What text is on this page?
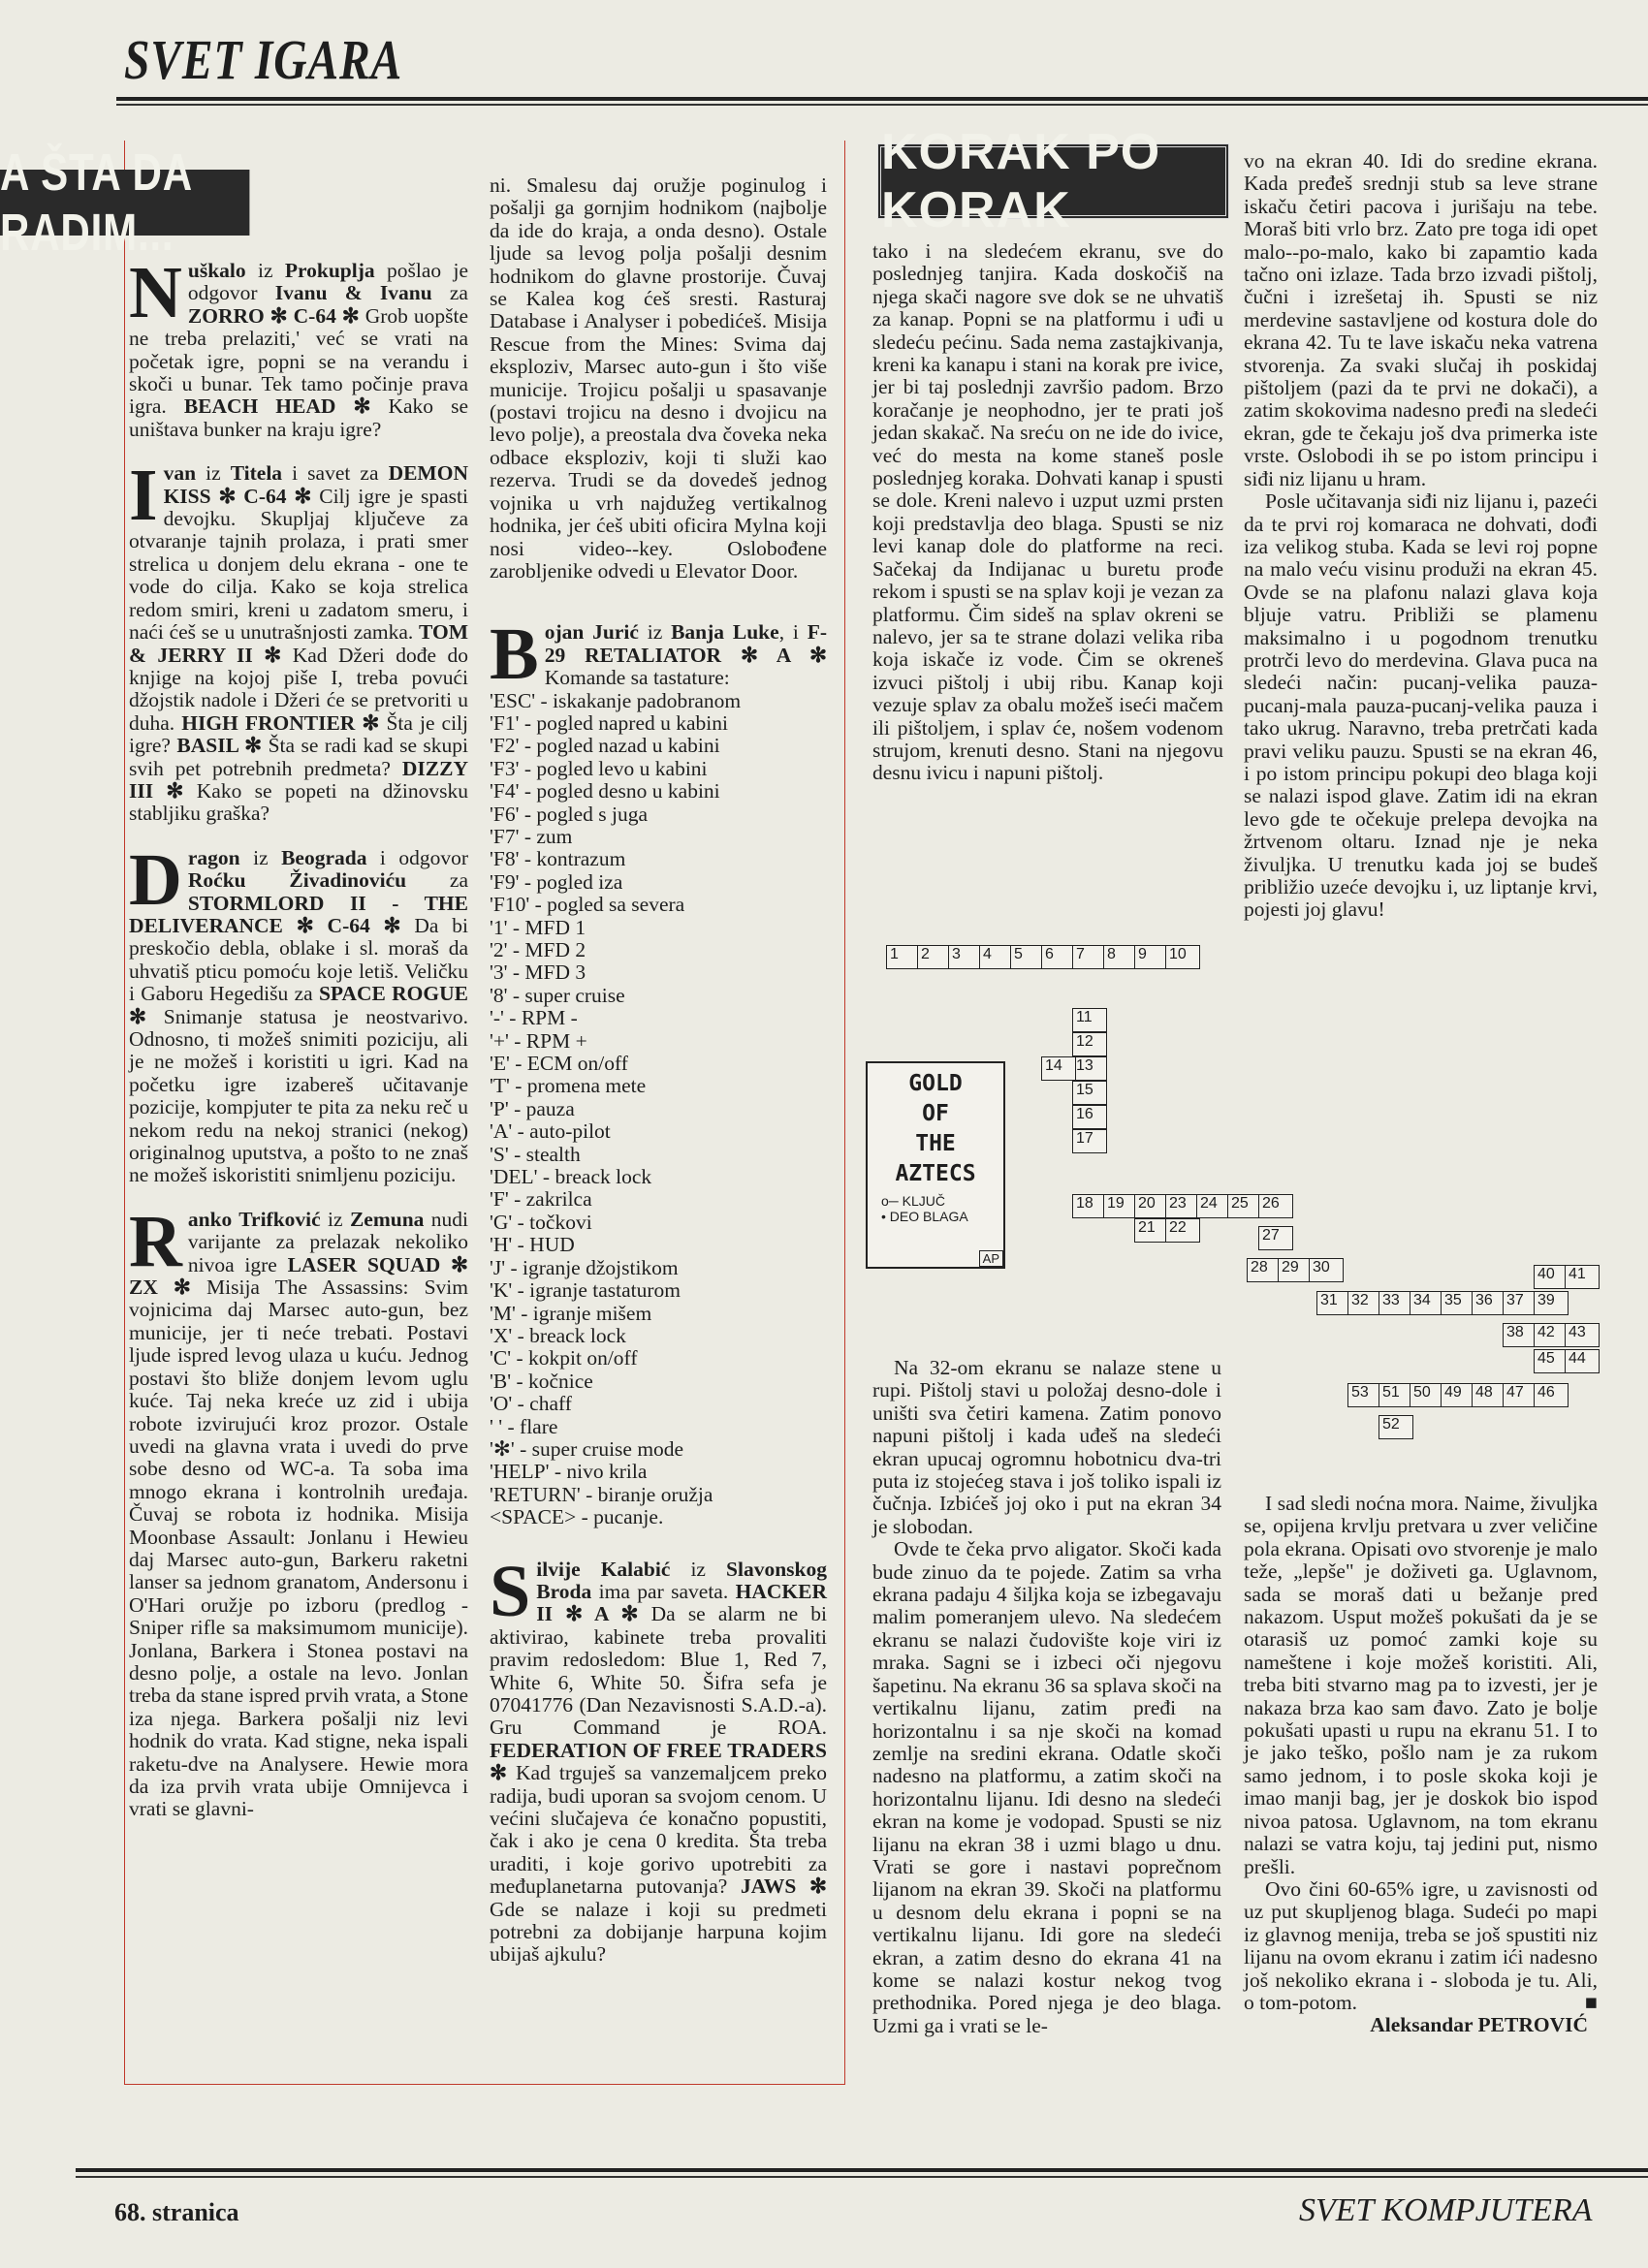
SVET IGARA
A ŠTA DA RADIM...

Nuškalo iz Prokuplja pošlao je odgovor Ivanu & Ivanu za ZORRO ✻ C-64 ✻ Grob uopšte ne treba prelaziti,' već se vrati na početak igre, popni se na verandu i skoči u bunar. Tek tamo počinje prava igra. BEACH HEAD ✻ Kako se uništava bunker na kraju igre?

Ivan iz Titela i savet za DEMON KISS ✻ C-64 ✻ Cilj igre je spasti devojku. Skupljaj ključeve za otvaranje tajnih prolaza, i prati smer strelica u donjem delu ekrana - one te vode do cilja. Kako se koja strelica redom smiri, kreni u zadatom smeru, i naći ćeš se u unutrašnjosti zamka. TOM & JERRY II ✻ Kad Džeri dođe do knjige na kojoj piše I, treba povući džojstik nadole i Džeri će se pretvoriti u duha. HIGH FRONTIER ✻ Šta je cilj igre? BASIL ✻ Šta se radi kad se skupi svih pet potrebnih predmeta? DIZZY III ✻ Kako se popeti na džinovsku stabljiku graška?

Dragon iz Beograda i odgovor Roćku Živadinoviću za STORMLORD II - THE DELIVERANCE ✻ C-64 ✻ Da bi preskočio debla, oblake i sl. moraš da uhvatiš pticu pomoću koje letiš. Veličku i Gaboru Hegedišu za SPACE ROGUE ✻ Snimanje statusa je neostvarivo. Odnosno, ti možeš snimiti poziciju, ali je ne možeš i koristiti u igri. Kad na početku igre izabereš učitavanje pozicije, kompjuter te pita za neku reč u nekom redu na nekoj stranici (nekog) originalnog uputstva, a pošto to ne znaš ne možeš iskoristiti snimljenu poziciju.

Ranko Trifković iz Zemuna nudi varijante za prelazak nekoliko nivoa igre LASER SQUAD ✻ ZX ✻ Misija The Assassins: Svim vojnicima daj Marsec auto-gun, bez municije, jer ti neće trebati. Postavi ljude ispred levog ulaza u kuću. Jednog postavi što bliže donjem levom uglu kuće. Taj neka kreće uz zid i ubija robote izvirujući kroz prozor. Ostale uvedi na glavna vrata i uvedi do prve sobe desno od WC-a. Ta soba ima mnogo ekrana i kontrolnih uređaja. Čuvaj se robota iz hodnika. Misija Moonbase Assault: Jonlanu i Hewieu daj Marsec auto-gun, Barkeru raketni lanser sa jednom granatom, Andersonu i O'Hari oružje po izboru (predlog - Sniper rifle sa maksimumom municije). Jonlana, Barkera i Stonea postavi na desno polje, a ostale na levo. Jonlan treba da stane ispred prvih vrata, a Stone iza njega. Barkera pošalji niz levi hodnik do vrata. Kad stigne, neka ispali raketu-dve na Analysere. Hewie mora da iza prvih vrata ubije Omnijevca i vrati se glavni-

ni. Smalesu daj oružje poginulog i pošalji ga gornjim hodnikom (najbolje da ide do kraja, a onda desno). Ostale ljude sa levog polja pošalji desnim hodnikom do glavne prostorije. Čuvaj se Kalea kog ćeš sresti. Rasturaj Database i Analyser i pobedićeš. Misija Rescue from the Mines: Svima daj eksploziv, Marsec auto-gun i što više municije. Trojicu pošalji u spasavanje (postavi trojicu na desno i dvojicu na levo polje), a preostala dva čoveka neka odbace eksploziv, koji ti služi kao rezerva. Trudi se da dovedeš jednog vojnika u vrh najdužeg vertikalnog hodnika, jer ćeš ubiti oficira Mylna koji nosi video--key. Oslobođene zarobljenike odvedi u Elevator Door.

Bojan Jurić iz Banja Luke, i F-29 RETALIATOR ✻ A ✻ Komande sa tastature:

'ESC' - iskakanje padobranom

'F1' - pogled napred u kabini

'F2' - pogled nazad u kabini

'F3' - pogled levo u kabini

'F4' - pogled desno u kabini

'F6' - pogled s juga

'F7' - zum

'F8' - kontrazum

'F9' - pogled iza

'F10' - pogled sa severa

'1' - MFD 1

'2' - MFD 2

'3' - MFD 3

'8' - super cruise

'-' - RPM -

'+' - RPM +

'E' - ECM on/off

'T' - promena mete

'P' - pauza

'A' - auto-pilot

'S' - stealth

'DEL' - breack lock

'F' - zakrilca

'G' - točkovi

'H' - HUD

'J' - igranje džojstikom

'K' - igranje tastaturom

'M' - igranje mišem

'X' - breack lock

'C' - kokpit on/off

'B' - kočnice

'O' - chaff

' ' - flare

'✻' - super cruise mode

'HELP' - nivo krila

'RETURN' - biranje oružja

<SPACE> - pucanje.

Silvije Kalabić iz Slavonskog Broda ima par saveta. HACKER II ✻ A ✻ Da se alarm ne bi aktivirao, kabinete treba provaliti pravim redosledom: Blue 1, Red 7, White 6, White 50. Šifra sefa je 07041776 (Dan Nezavisnosti S.A.D.-a). Gru Command je ROA. FEDERATION OF FREE TRADERS ✻ Kad trguješ sa vanzemaljcem preko radija, budi uporan sa svojom cenom. U većini slučajeva će konačno popustiti, čak i ako je cena 0 kredita. Šta treba uraditi, i koje gorivo upotrebiti za međuplanetarna putovanja? JAWS ✻ Gde se nalaze i koji su predmeti potrebni za dobijanje harpuna kojim ubijaš ajkulu?

KORAK PO KORAK

tako i na sledećem ekranu, sve do poslednjeg tanjira. Kada doskočiš na njega skači nagore sve dok se ne uhvatiš za kanap. Popni se na platformu i uđi u sledeću pećinu. Sada nema zastajkivanja, kreni ka kanapu i stani na korak pre ivice, jer bi taj poslednji završio padom. Brzo koračanje je neophodno, jer te prati još jedan skakač. Na sreću on ne ide do ivice, već do mesta na kome staneš posle poslednjeg koraka. Dohvati kanap i spusti se dole. Kreni nalevo i uzput uzmi prsten koji predstavlja deo blaga. Spusti se niz levi kanap dole do platforme na reci. Sačekaj da Indijanac u buretu prođe rekom i spusti se na splav koji je vezan za platformu. Čim sideš na splav okreni se nalevo, jer sa te strane dolazi velika riba koja iskače iz vode. Čim se okreneš izvuci pištolj i ubij ribu. Kanap koji vezuje splav za obalu možeš iseći mačem ili pištoljem, i splav će, nošem vodenom strujom, krenuti desno. Stani na njegovu desnu ivicu i napuni pištolj.

Na 32-om ekranu se nalaze stene u rupi. Pištolj stavi u položaj desno-dole i uništi sva četiri kamena. Zatim ponovo napuni pištolj i kada uđeš na sledeći ekran upucaj ogromnu hobotnicu dva-tri puta iz stojećeg stava i još toliko ispali iz čučnja. Izbićeš joj oko i put na ekran 34 je slobodan.

Ovde te čeka prvo aligator. Skoči kada bude zinuo da te pojede. Zatim sa vrha ekrana padaju 4 šiljka koja se izbegavaju malim pomeranjem ulevo. Na sledećem ekranu se nalazi čudovište koje viri iz mraka. Sagni se i izbeci oči njegovu šapetinu. Na ekranu 36 sa splava skoči na vertikalnu lijanu, zatim pređi na horizontalnu i sa nje skoči na komad zemlje na sredini ekrana. Odatle skoči nadesno na platformu, a zatim skoči na horizontalnu lijanu. Idi desno na sledeći ekran na kome je vodopad. Spusti se niz lijanu na ekran 38 i uzmi blago u dnu. Vrati se gore i nastavi poprečnom lijanom na ekran 39. Skoči na platformu u desnom delu ekrana i popni se na vertikalnu lijanu. Idi gore na sledeći ekran, a zatim desno do ekrana 41 na kome se nalazi kostur nekog tvog prethodnika. Pored njega je deo blaga. Uzmi ga i vrati se le-

vo na ekran 40. Idi do sredine ekrana. Kada pređeš srednji stub sa leve strane iskaču četiri pacova i jurišaju na tebe. Moraš biti vrlo brz. Zato pre toga idi opet malo--po-malo, kako bi zapamtio kada tačno oni izlaze. Tada brzo izvadi pištolj, čučni i izrešetaj ih. Spusti se niz merdevine sastavljene od kostura dole do ekrana 42. Tu te lave iskaču neka vatrena stvorenja. Za svaki slučaj ih poskidaj pištoljem (pazi da te prvi ne dokači), a zatim skokovima nadesno pređi na sledeći ekran, gde te čekaju još dva primerka iste vrste. Oslobodi ih se po istom principu i siđi niz lijanu u hram.

Posle učitavanja siđi niz lijanu i, pazeći da te prvi roj komaraca ne dohvati, dođi iza velikog stuba. Kada se levi roj popne na malo veću visinu produži na ekran 45. Ovde se na plafonu nalazi glava koja bljuje vatru. Približi se plamenu maksimalno i u pogodnom trenutku protrči levo do merdevina. Glava puca na sledeći način: pucanj-velika pauza-pucanj-mala pauza-pucanj-velika pauza i tako ukrug. Naravno, treba pretrčati kada pravi veliku pauzu. Spusti se na ekran 46, i po istom principu pokupi deo blaga koji se nalazi ispod glave. Zatim idi na ekran levo gde te očekuje prelepa devojka na žrtvenom oltaru. Iznad nje je neka živuljka. U trenutku kada joj se budeš približio uzeće devojku i, uz liptanje krvi, pojesti joj glavu!

I sad sledi noćna mora. Naime, živuljka se, opijena krvlju pretvara u zver veličine pola ekrana. Opisati ovo stvorenje je malo teže, „lepše" je doživeti ga. Uglavnom, sada se moraš dati u bežanje pred nakazom. Usput možeš pokušati da je se otarasiš uz pomoć zamki koje su nameštene i koje možeš koristiti. Ali, treba biti stvarno mag pa to izvesti, jer je nakaza brza kao sam đavo. Zato je bolje pokušati upasti u rupu na ekranu 51. I to je jako teško, pošlo nam je za rukom samo jednom, i to posle skoka koji je imao manji bag, jer je doskok bio ispod nivoa patosa. Uglavnom, na tom ekranu nalazi se vatra koju, taj jedini put, nismo prešli.

Ovo čini 60-65% igre, u zavisnosti od uz put skupljenog blaga. Sudeći po mapi iz glavnog menija, treba se još spustiti niz lijanu na ovom ekranu i zatim ići nadesno još nekoliko ekrana i - sloboda je tu. Ali, o tom-potom.	■

Aleksandar PETROVIĆ

1	2	3	4	5	6	7	8	9	10
11
12
13
14
15
16
17
18 19 20 23 24 25 26
21 22	27
28 29 30
31 32 33 34 35 36 37 39
40 41
38 42 43
45 44
53 51 50 49 48 47 46
52
GOLD
OF
THE
AZTECS
o─ KLJUČ
• DEO BLAGA
AP
68. stranica	SVET KOMPJUTERA
